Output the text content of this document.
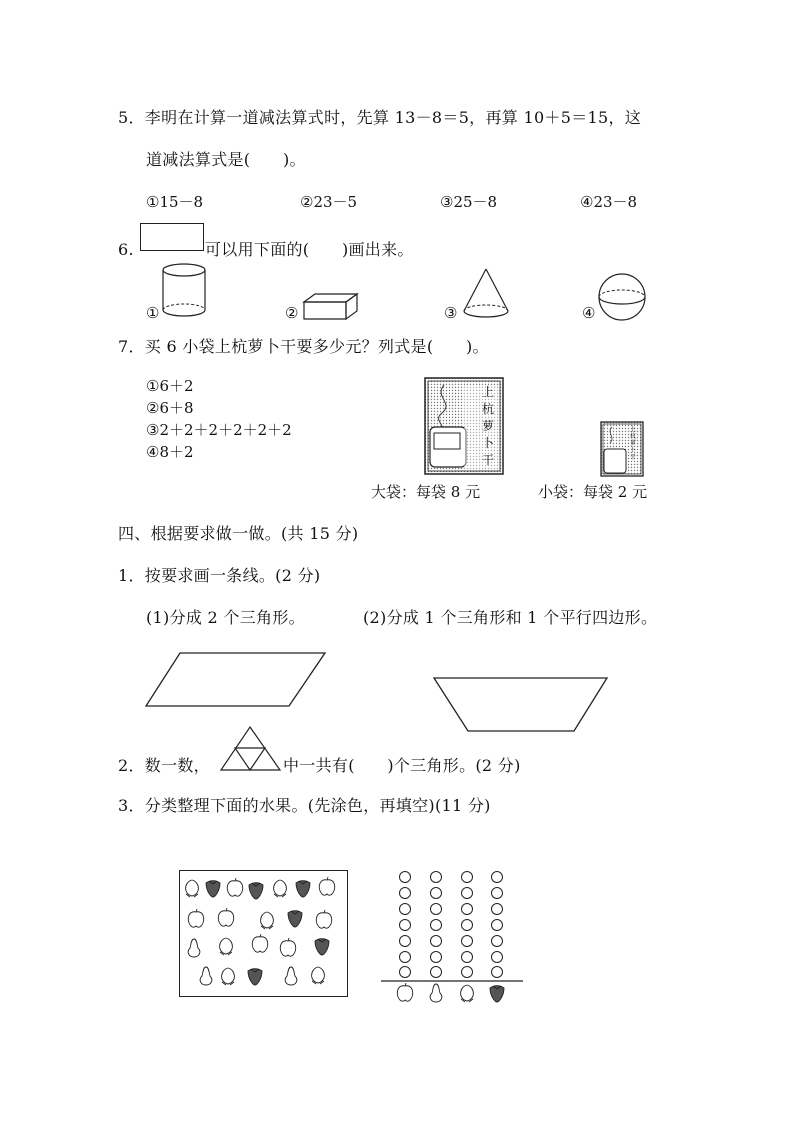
5．李明在计算一道减法算式时，先算 13－8＝5，再算 10＋5＝15，这
道减法算式是(　　)。
①15－8	②23－5	③25－8	④23－8
6.	可以用下面的(　　)画出来。
①	②	③	④
7．买 6 小袋上杭萝卜干要多少元？列式是(　　)。
①6＋2
②6＋8
③2＋2＋2＋2＋2＋2
④8＋2
上
杭
萝
卜
干
上杭萝卜干
大袋：每袋 8 元	小袋：每袋 2 元
四、根据要求做一做。(共 15 分)
1．按要求画一条线。(2 分)
(1)分成 2 个三角形。	(2)分成 1 个三角形和 1 个平行四边形。
2．数一数，	中一共有(　　)个三角形。(2 分)
3．分类整理下面的水果。(先涂色，再填空)(11 分)
